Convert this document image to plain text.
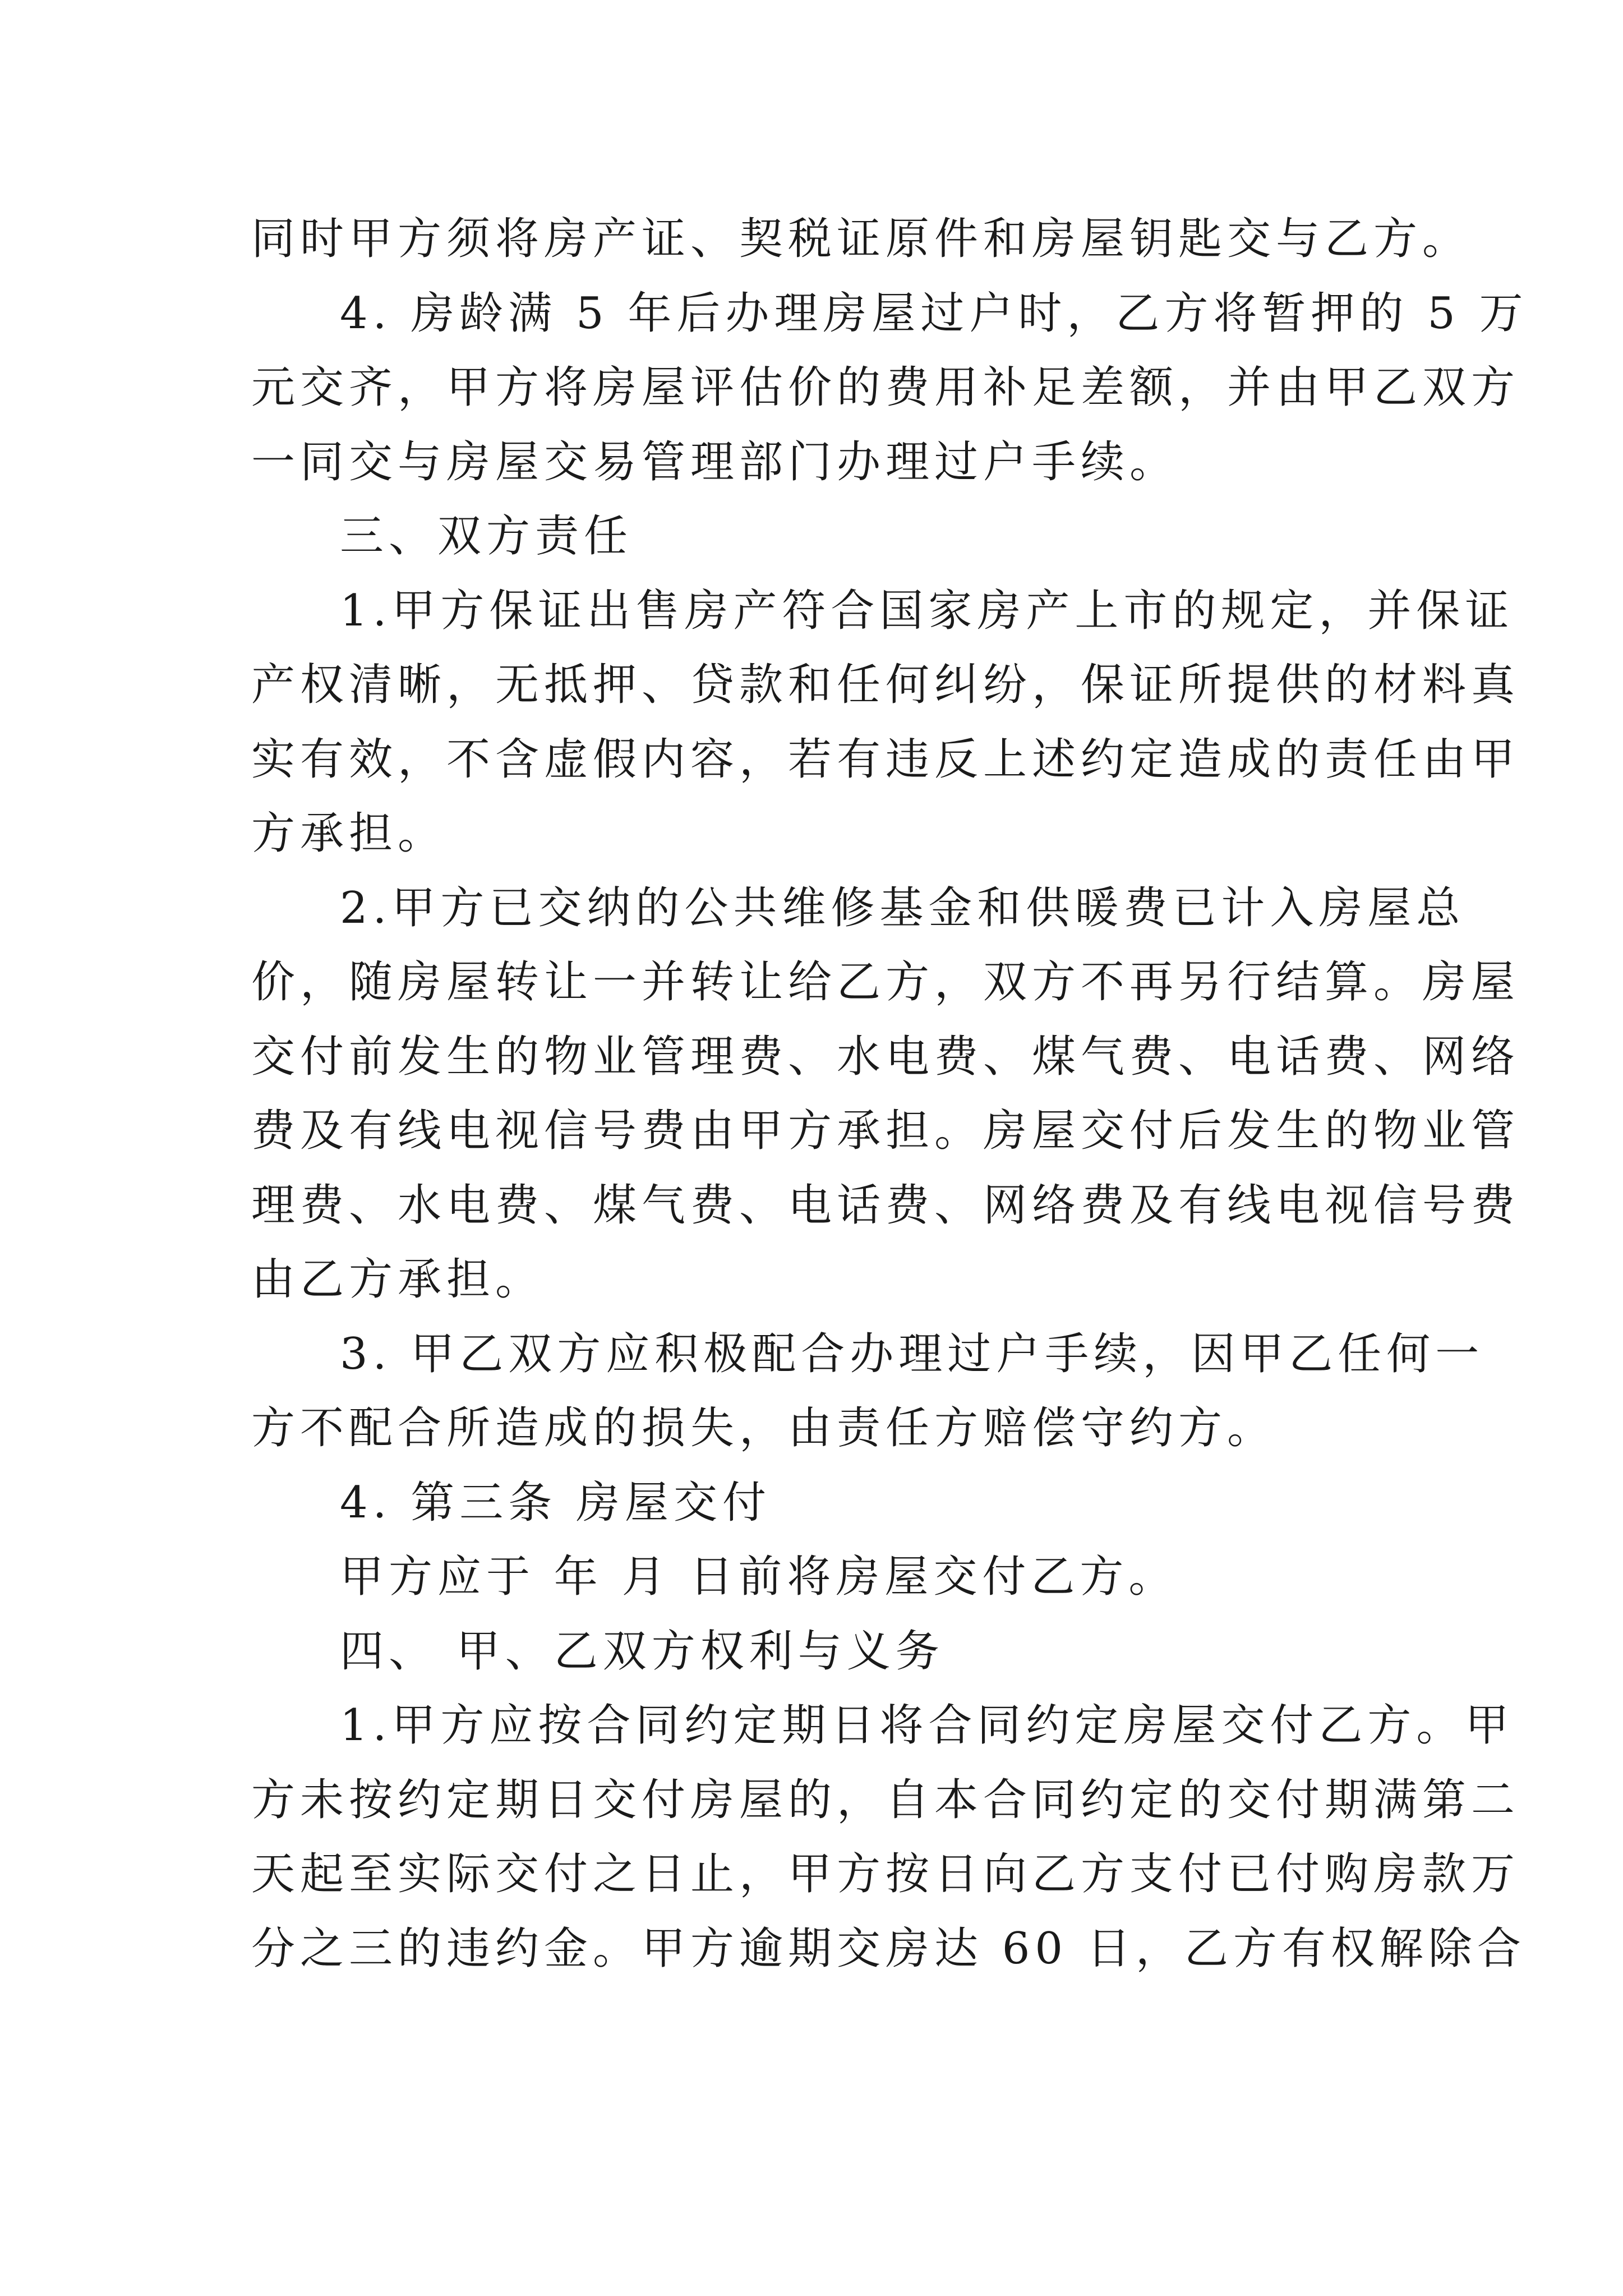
同时甲方须将房产证、契税证原件和房屋钥匙交与乙方。
4. 房龄满 5 年后办理房屋过户时，乙方将暂押的 5 万
元交齐，甲方将房屋评估价的费用补足差额，并由甲乙双方
一同交与房屋交易管理部门办理过户手续。
三、双方责任
1.甲方保证出售房产符合国家房产上市的规定，并保证
产权清晰，无抵押、贷款和任何纠纷，保证所提供的材料真
实有效，不含虚假内容，若有违反上述约定造成的责任由甲
方承担。
2.甲方已交纳的公共维修基金和供暖费已计入房屋总
价，随房屋转让一并转让给乙方，双方不再另行结算。房屋
交付前发生的物业管理费、水电费、煤气费、电话费、网络
费及有线电视信号费由甲方承担。房屋交付后发生的物业管
理费、水电费、煤气费、电话费、网络费及有线电视信号费
由乙方承担。
3. 甲乙双方应积极配合办理过户手续，因甲乙任何一
方不配合所造成的损失，由责任方赔偿守约方。
4. 第三条 房屋交付
甲方应于 年 月 日前将房屋交付乙方。
四、 甲、乙双方权利与义务
1.甲方应按合同约定期日将合同约定房屋交付乙方。甲
方未按约定期日交付房屋的，自本合同约定的交付期满第二
天起至实际交付之日止，甲方按日向乙方支付已付购房款万
分之三的违约金。甲方逾期交房达 60 日，乙方有权解除合
